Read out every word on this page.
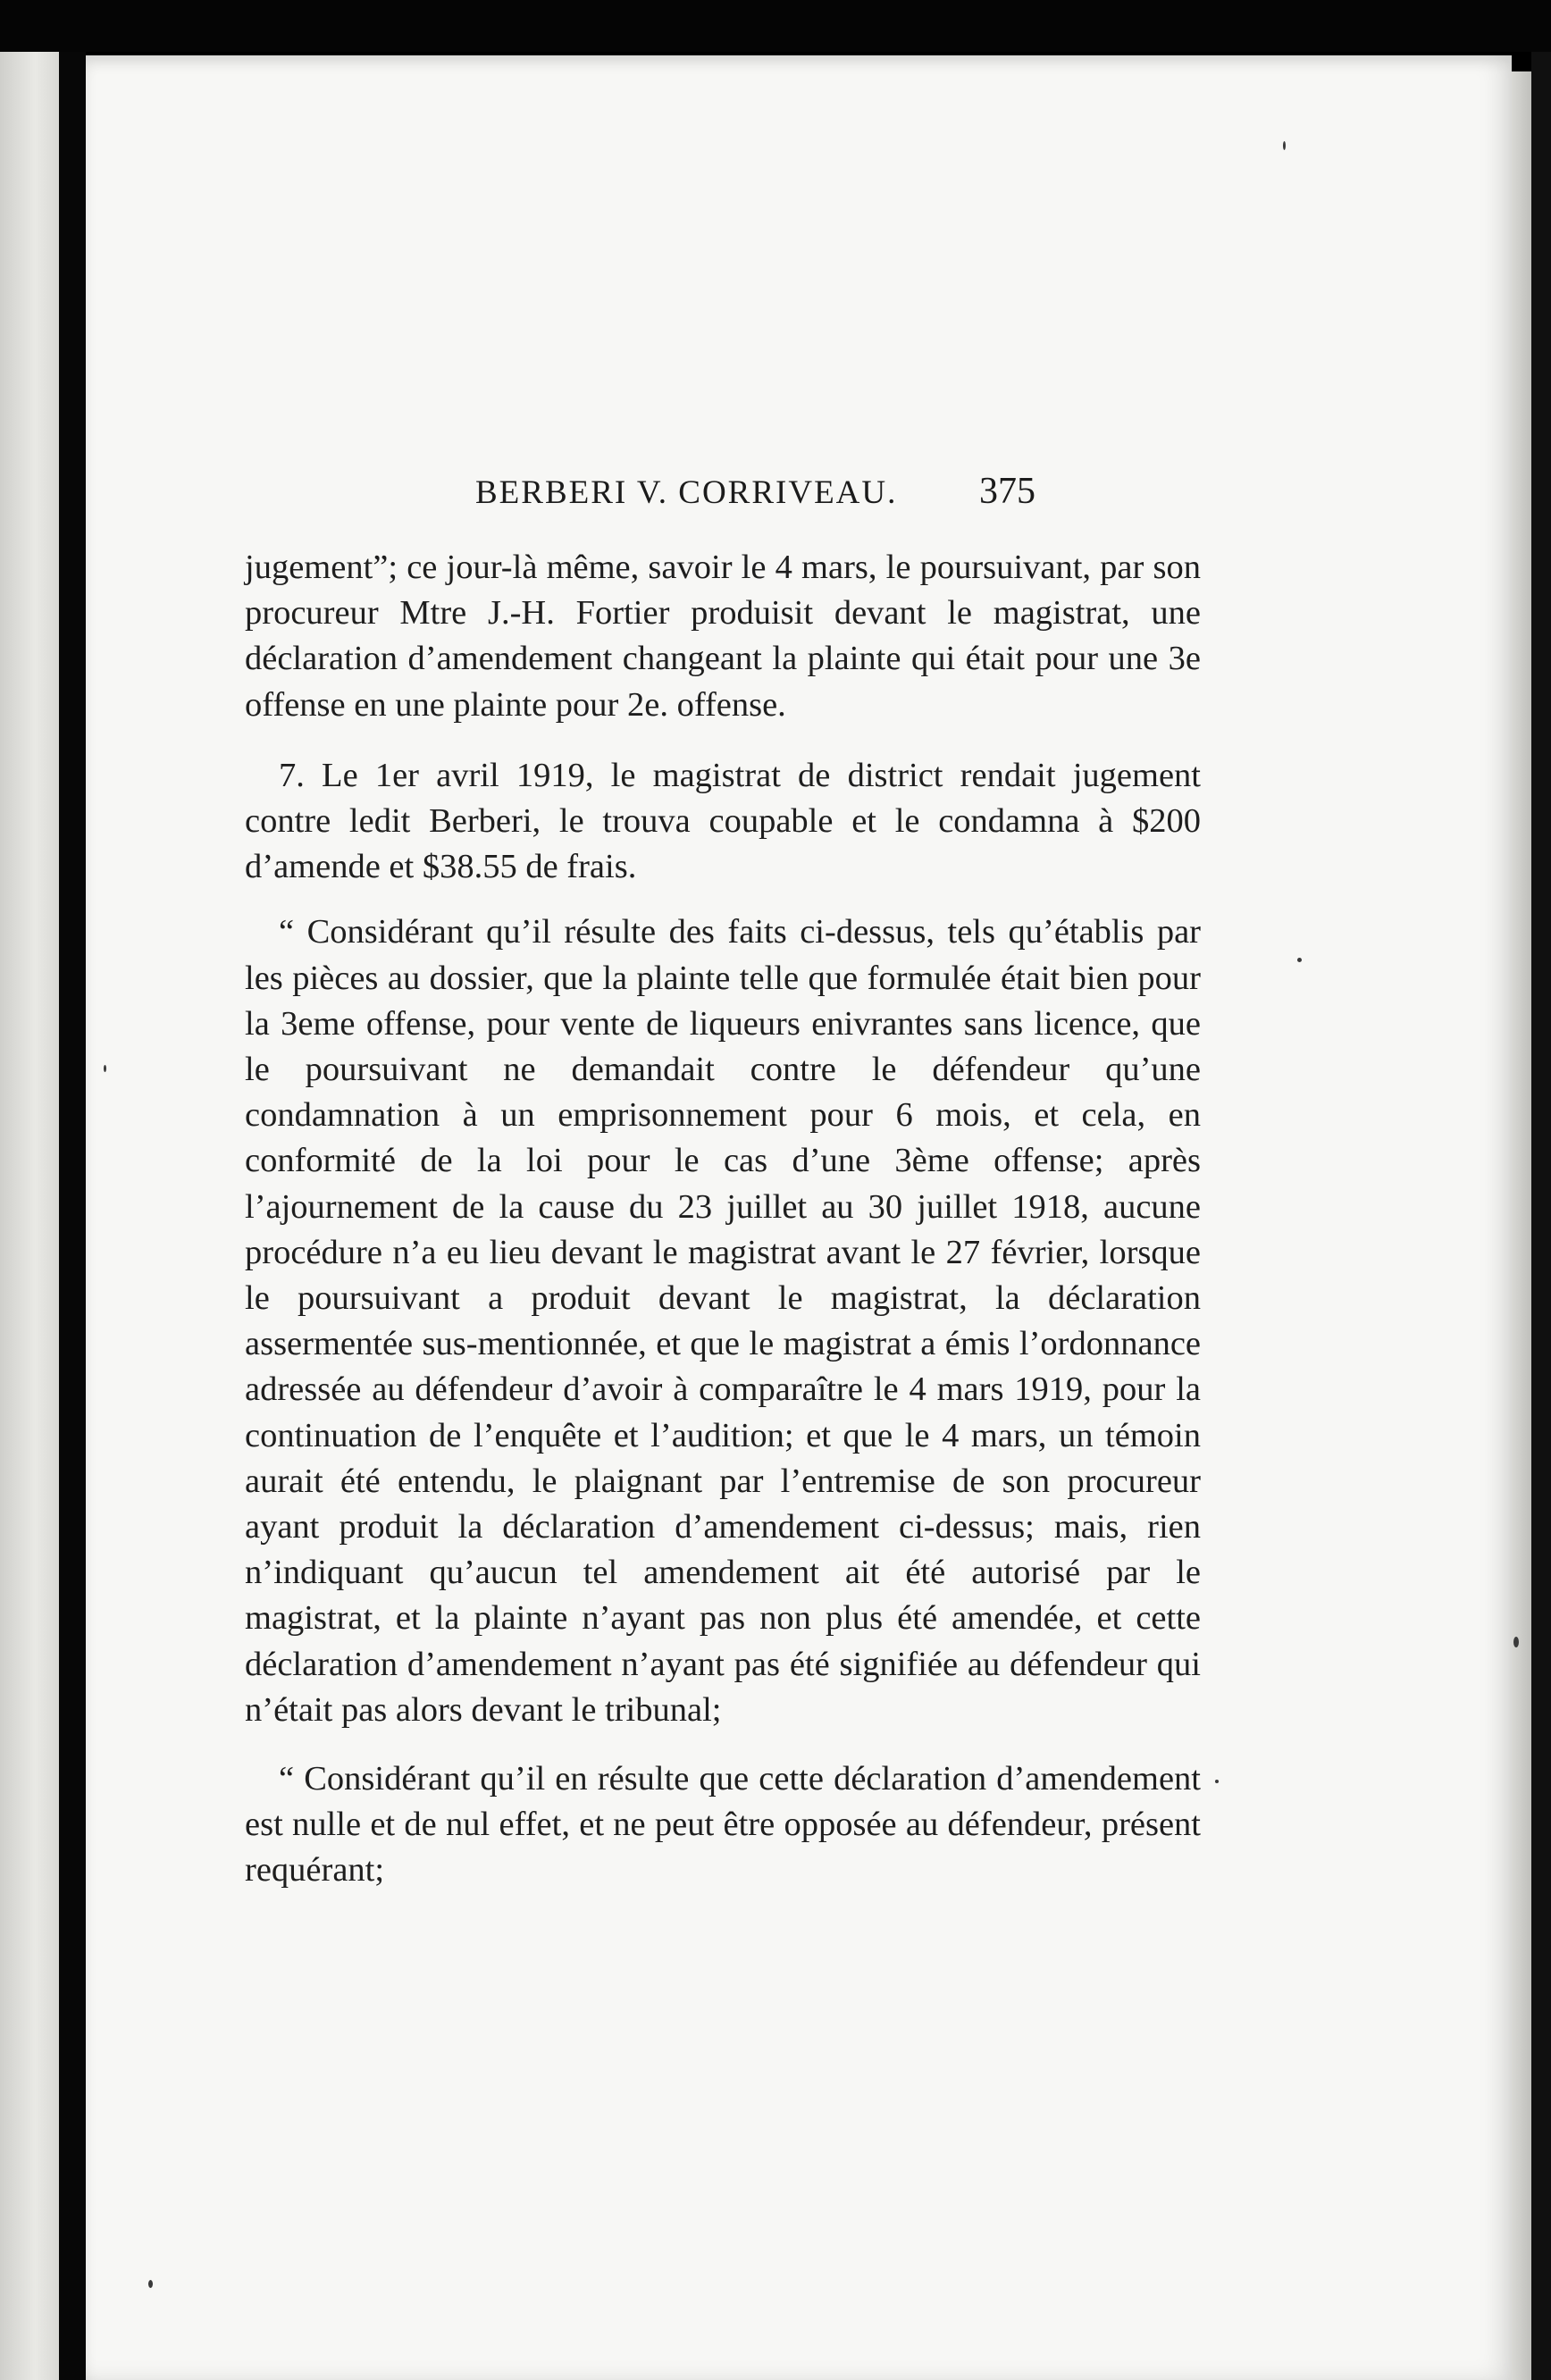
BERBERI V. CORRIVEAU. 375

jugement”; ce jour-là même, savoir le 4 mars, le poursuivant, par son procureur Mtre J.-H. Fortier produisit devant le magistrat, une déclaration d’amendement changeant la plainte qui était pour une 3e offense en une plainte pour 2e. offense.

7. Le 1er avril 1919, le magistrat de district rendait jugement contre ledit Berberi, le trouva coupable et le condamna à $200 d’amende et $38.55 de frais.

“ Considérant qu’il résulte des faits ci-dessus, tels qu’établis par les pièces au dossier, que la plainte telle que formulée était bien pour la 3eme offense, pour vente de liqueurs enivrantes sans licence, que le poursuivant ne demandait contre le défendeur qu’une condamnation à un emprisonnement pour 6 mois, et cela, en conformité de la loi pour le cas d’une 3ème offense; après l’ajournement de la cause du 23 juillet au 30 juillet 1918, aucune procédure n’a eu lieu devant le magistrat avant le 27 février, lorsque le poursuivant a produit devant le magistrat, la déclaration assermentée sus-mentionnée, et que le magistrat a émis l’ordonnance adressée au défendeur d’avoir à comparaître le 4 mars 1919, pour la continuation de l’enquête et l’audition; et que le 4 mars, un témoin aurait été entendu, le plaignant par l’entremise de son procureur ayant produit la déclaration d’amendement ci-dessus; mais, rien n’indiquant qu’aucun tel amendement ait été autorisé par le magistrat, et la plainte n’ayant pas non plus été amendée, et cette déclaration d’amendement n’ayant pas été signifiée au défendeur qui n’était pas alors devant le tribunal;

“ Considérant qu’il en résulte que cette déclaration d’amendement est nulle et de nul effet, et ne peut être opposée au défendeur, présent requérant;
